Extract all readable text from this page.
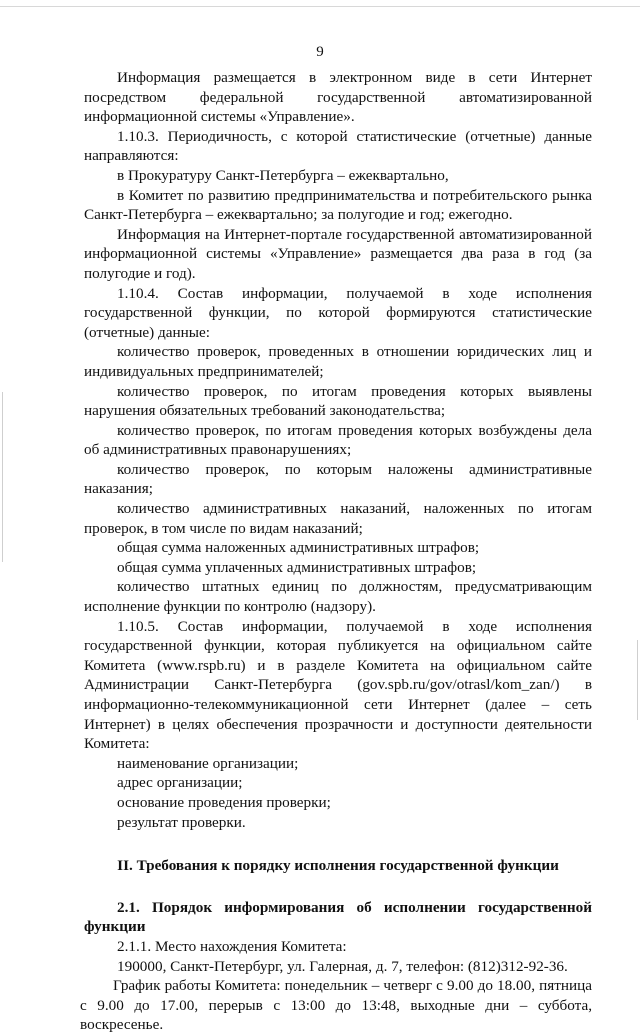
9

Информация размещается в электронном виде в сети Интернет посредством федеральной государственной автоматизированной информационной системы «Управление».

1.10.3. Периодичность, с которой статистические (отчетные) данные направляются:

в Прокуратуру Санкт-Петербурга – ежеквартально,

в Комитет по развитию предпринимательства и потребительского рынка Санкт-Петербурга – ежеквартально; за полугодие и год; ежегодно.

Информация на Интернет-портале государственной автоматизированной информационной системы «Управление» размещается два раза в год (за полугодие и год).

1.10.4. Состав информации, получаемой в ходе исполнения государственной функции, по которой формируются статистические (отчетные) данные:

количество проверок, проведенных в отношении юридических лиц и индивидуальных предпринимателей;

количество проверок, по итогам проведения которых выявлены нарушения обязательных требований законодательства;

количество проверок, по итогам проведения которых возбуждены дела об административных правонарушениях;

количество проверок, по которым наложены административные наказания;

количество административных наказаний, наложенных по итогам проверок, в том числе по видам наказаний;

общая сумма наложенных административных штрафов;

общая сумма уплаченных административных штрафов;

количество штатных единиц по должностям, предусматривающим исполнение функции по контролю (надзору).

1.10.5. Состав информации, получаемой в ходе исполнения государственной функции, которая публикуется на официальном сайте Комитета (www.rspb.ru) и в разделе Комитета на официальном сайте Администрации Санкт-Петербурга (gov.spb.ru/gov/otrasl/kom_zan/) в информационно-телекоммуникационной сети Интернет (далее – сеть Интернет) в целях обеспечения прозрачности и доступности деятельности Комитета:

наименование организации;

адрес организации;

основание проведения проверки;

результат проверки.

II. Требования к порядку исполнения государственной функции

2.1. Порядок информирования об исполнении государственной функции

2.1.1. Место нахождения Комитета:

190000, Санкт-Петербург, ул. Галерная, д. 7, телефон: (812)312-92-36.

График работы Комитета: понедельник – четверг с 9.00 до 18.00, пятница с 9.00 до 17.00, перерыв с 13:00 до 13:48, выходные дни – суббота, воскресенье.
